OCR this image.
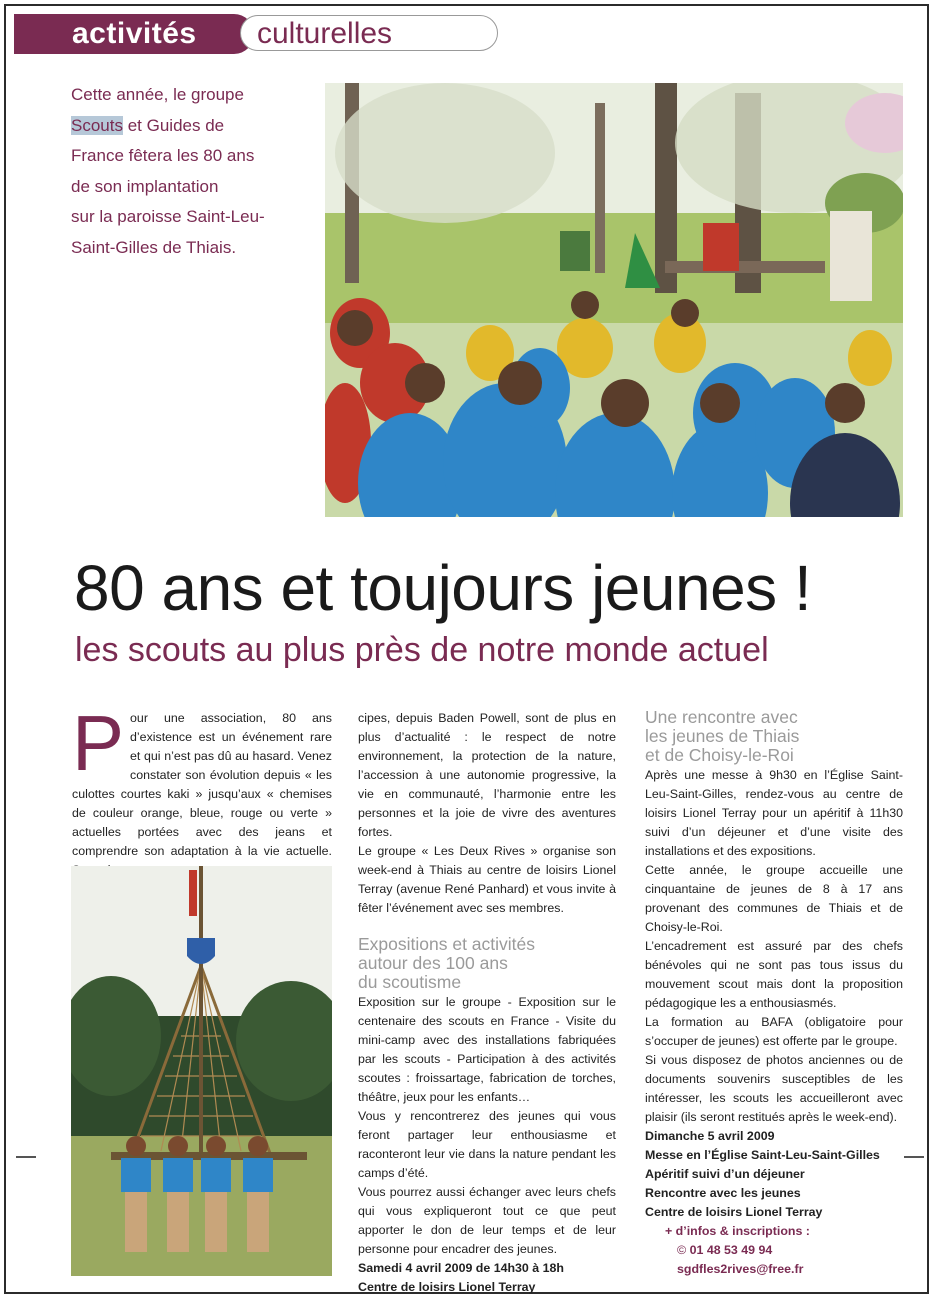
activités culturelles
Cette année, le groupe
Scouts et Guides de
France fêtera les 80 ans
de son implantation
sur la paroisse Saint-Leu-
Saint-Gilles de Thiais.
80 ans et toujours jeunes !
les scouts au plus près de notre monde actuel

Pour une association, 80 ans d’existence est un événement rare et qui n’est pas dû au hasard. Venez constater son évolution depuis « les culottes courtes kaki » jusqu’aux « chemises de couleur orange, bleue, rouge ou verte » actuelles portées avec des jeans et comprendre son adaptation à la vie actuelle.

cipes, depuis Baden Powell, sont de plus en plus d’actualité : le respect de notre environnement, la protection de la nature, l’accession à une autonomie progressive, la vie en communauté, l’harmonie entre les personnes et la joie de vivre des aventures fortes.

Le groupe « Les Deux Rives » organise son week-end à Thiais au centre de loisirs Lionel Terray (avenue René Panhard) et vous invite à fêter l’événement avec ses membres.

Expositions et activités
autour des 100 ans
du scoutisme

Exposition sur le groupe - Exposition sur le centenaire des scouts en France - Visite du mini-camp avec des installations fabriquées par les scouts - Participation à des activités scoutes : froissartage, fabrication de torches, théâtre, jeux pour les enfants…

Vous y rencontrerez des jeunes qui vous feront partager leur enthousiasme et raconteront leur vie dans la nature pendant les camps d’été.

Vous pourrez aussi échanger avec leurs chefs qui vous expliqueront tout ce que peut apporter le don de leur temps et de leur personne pour encadrer des jeunes.

Samedi 4 avril 2009 de 14h30 à 18h
Centre de loisirs Lionel Terray
Une rencontre avec
les jeunes de Thiais
et de Choisy-le-Roi

Après une messe à 9h30 en l’Église Saint-Leu-Saint-Gilles, rendez-vous au centre de loisirs Lionel Terray pour un apéritif à 11h30 suivi d’un déjeuner et d’une visite des installations et des expositions.

Cette année, le groupe accueille une cinquantaine de jeunes de 8 à 17 ans provenant des communes de Thiais et de Choisy-le-Roi.

L’encadrement est assuré par des chefs bénévoles qui ne sont pas tous issus du mouvement scout mais dont la proposition pédagogique les a enthousiasmés.

La formation au BAFA (obligatoire pour s’occuper de jeunes) est offerte par le groupe.

Si vous disposez de photos anciennes ou de documents souvenirs susceptibles de les intéresser, les scouts les accueilleront avec plaisir (ils seront restitués après le week-end).

Dimanche 5 avril 2009
Messe en l’Église Saint-Leu-Saint-Gilles
Apéritif suivi d’un déjeuner
Rencontre avec les jeunes
Centre de loisirs Lionel Terray
+ d’infos & inscriptions :
© 01 48 53 49 94
sgdfles2rives@free.fr
